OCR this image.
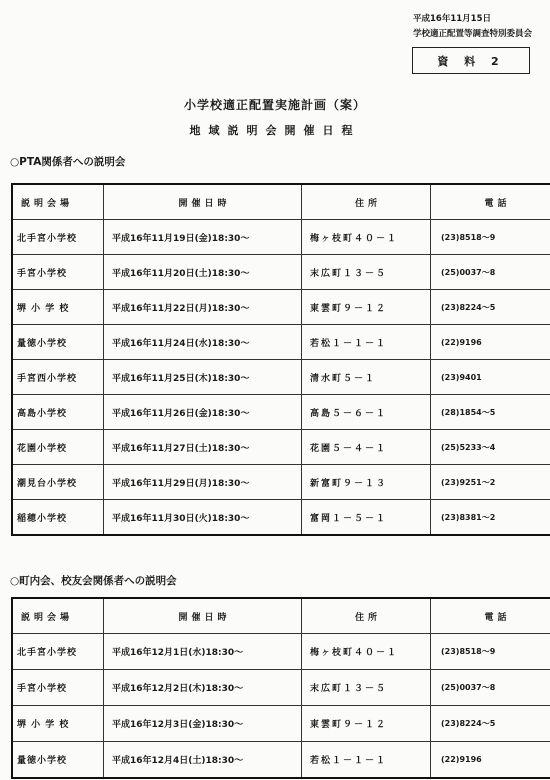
平成16年11月15日
学校適正配置等調査特別委員会
資 料 2
小学校適正配置実施計画（案）
地域説明会開催日程
○PTA関係者への説明会
説明会場	開催日時	住所	電話
北手宮小学校	平成16年11月19日(金)18:30～	梅ヶ枝町４０－１	(23)8518～9
手宮小学校	平成16年11月20日(土)18:30～	末広町１３－５	(25)0037～8
堺 小 学 校	平成16年11月22日(月)18:30～	東雲町９－１２	(23)8224～5
量徳小学校	平成16年11月24日(水)18:30～	若松１－１－１	(22)9196
手宮西小学校	平成16年11月25日(木)18:30～	清水町５－１	(23)9401
高島小学校	平成16年11月26日(金)18:30～	高島５－６－１	(28)1854～5
花園小学校	平成16年11月27日(土)18:30～	花園５－４－１	(25)5233～4
潮見台小学校	平成16年11月29日(月)18:30～	新富町９－１３	(23)9251～2
稲穂小学校	平成16年11月30日(火)18:30～	富岡１－５－１	(23)8381～2
○町内会、校友会関係者への説明会
説明会場	開催日時	住所	電話
北手宮小学校	平成16年12月1日(水)18:30～	梅ヶ枝町４０－１	(23)8518～9
手宮小学校	平成16年12月2日(木)18:30～	末広町１３－５	(25)0037～8
堺 小 学 校	平成16年12月3日(金)18:30～	東雲町９－１２	(23)8224～5
量徳小学校	平成16年12月4日(土)18:30～	若松１－１－１	(22)9196
